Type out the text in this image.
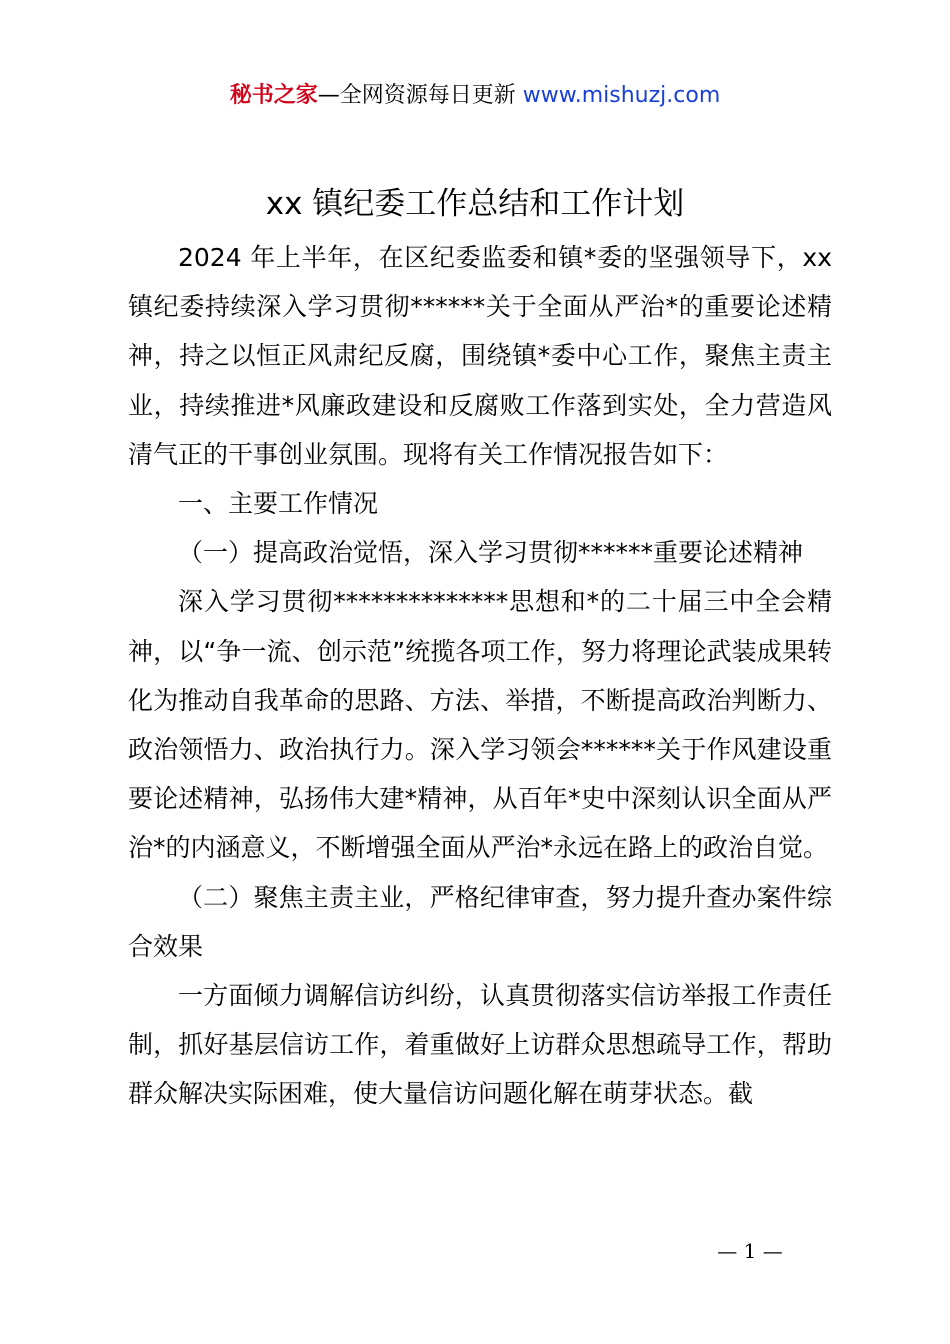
秘书之家—全网资源每日更新 www.mishuzj.com
xx 镇纪委工作总结和工作计划

2024 年上半年，在区纪委监委和镇*委的坚强领导下，xx 镇纪委持续深入学习贯彻******关于全面从严治*的重要论述精神，持之以恒正风肃纪反腐，围绕镇*委中心工作，聚焦主责主业，持续推进*风廉政建设和反腐败工作落到实处，全力营造风清气正的干事创业氛围。现将有关工作情况报告如下：

一、主要工作情况

（一）提高政治觉悟，深入学习贯彻******重要论述精神

深入学习贯彻**************思想和*的二十届三中全会精神，以“争一流、创示范”统揽各项工作，努力将理论武装成果转化为推动自我革命的思路、方法、举措，不断提高政治判断力、政治领悟力、政治执行力。深入学习领会******关于作风建设重要论述精神，弘扬伟大建*精神，从百年*史中深刻认识全面从严治*的内涵意义，不断增强全面从严治*永远在路上的政治自觉。

（二）聚焦主责主业，严格纪律审查，努力提升查办案件综合效果

一方面倾力调解信访纠纷，认真贯彻落实信访举报工作责任制，抓好基层信访工作，着重做好上访群众思想疏导工作，帮助群众解决实际困难，使大量信访问题化解在萌芽状态。截

— 1 —
